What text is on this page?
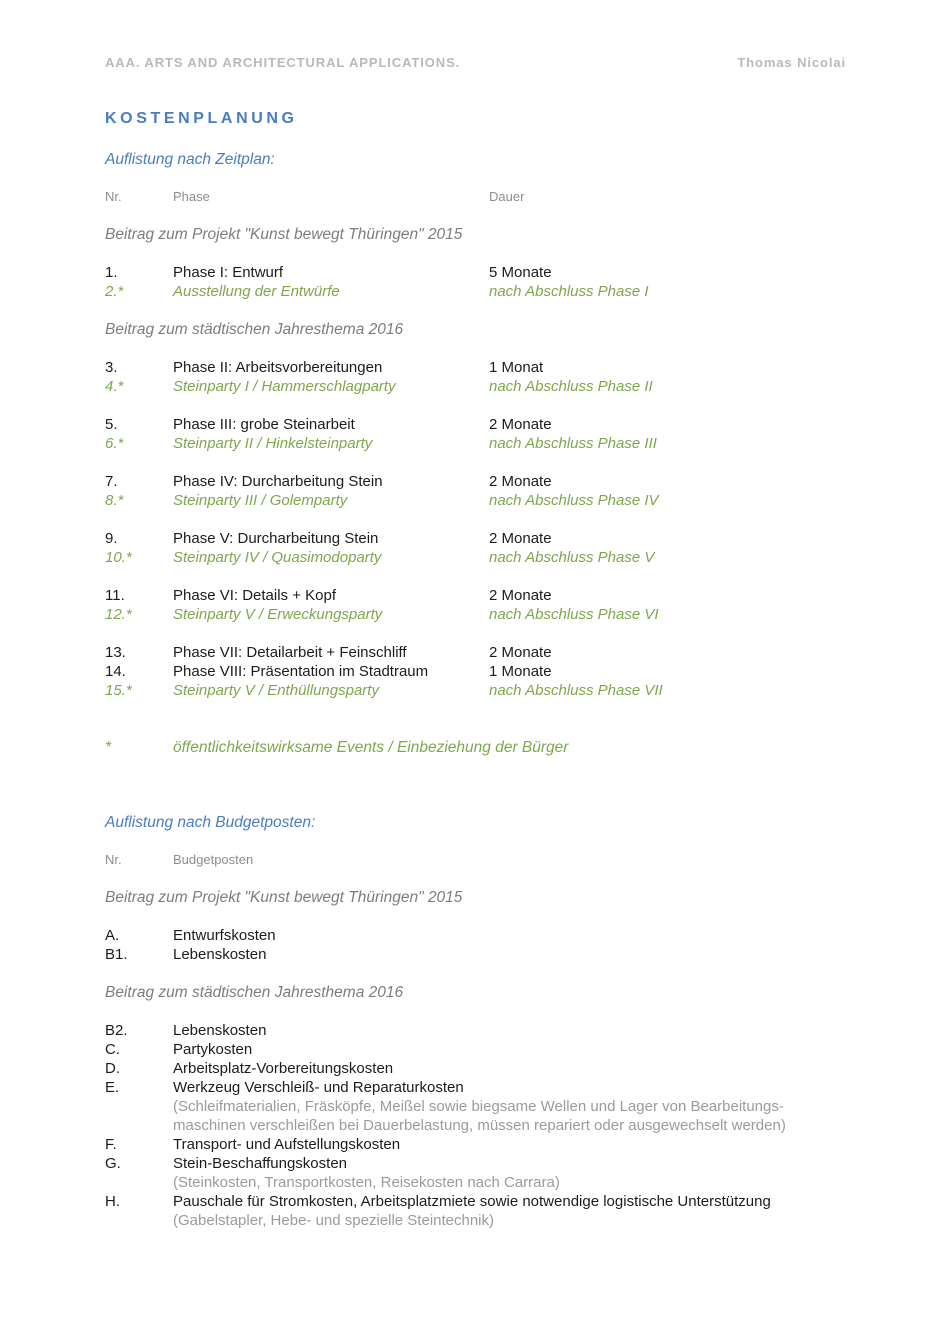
AAA. ARTS AND ARCHITECTURAL APPLICATIONS.	Thomas Nicolai
KOSTENPLANUNG
Auflistung nach Zeitplan:
Nr.	Phase	Dauer
Beitrag zum Projekt "Kunst bewegt Thüringen" 2015
1.	Phase I: Entwurf	5 Monate
2.*	Ausstellung der Entwürfe	nach Abschluss Phase I
Beitrag zum städtischen Jahresthema 2016
3.	Phase II: Arbeitsvorbereitungen	1 Monat
4.*	Steinparty I / Hammerschlagparty	nach Abschluss Phase II
5.	Phase III: grobe Steinarbeit	2 Monate
6.*	Steinparty II / Hinkelsteinparty	nach Abschluss Phase III
7.	Phase IV: Durcharbeitung Stein	2 Monate
8.*	Steinparty III / Golemparty	nach Abschluss Phase IV
9.	Phase V: Durcharbeitung Stein	2 Monate
10.*	Steinparty IV / Quasimodoparty	nach Abschluss Phase V
11.	Phase VI: Details + Kopf	2 Monate
12.*	Steinparty V / Erweckungsparty	nach Abschluss Phase VI
13.	Phase VII: Detailarbeit + Feinschliff	2 Monate
14.	Phase VIII: Präsentation im Stadtraum	1 Monate
15.*	Steinparty V / Enthüllungsparty	nach Abschluss Phase VII
*	öffentlichkeitswirksame Events / Einbeziehung der Bürger
Auflistung nach Budgetposten:
Nr.	Budgetposten
Beitrag zum Projekt "Kunst bewegt Thüringen" 2015
A.	Entwurfskosten
B1.	Lebenskosten
Beitrag zum städtischen Jahresthema 2016
B2.	Lebenskosten
C.	Partykosten
D.	Arbeitsplatz-Vorbereitungskosten
E.	Werkzeug Verschleiß- und Reparaturkosten
(Schleifmaterialien, Fräsköpfe, Meißel sowie biegsame Wellen und Lager von Bearbeitungs-
maschinen verschleißen bei Dauerbelastung, müssen repariert oder ausgewechselt werden)
F.	Transport- und Aufstellungskosten
G.	Stein-Beschaffungskosten
(Steinkosten, Transportkosten, Reisekosten nach Carrara)
H.	Pauschale für Stromkosten, Arbeitsplatzmiete sowie notwendige logistische Unterstützung
(Gabelstapler, Hebe- und spezielle Steintechnik)
